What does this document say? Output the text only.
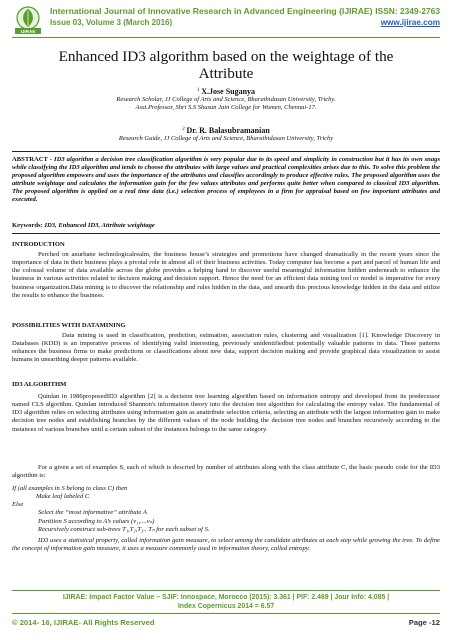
IJIRAE
International Journal of Innovative Research in Advanced Engineering (IJIRAE)
Issue 03, Volume 3 (March 2016)
ISSN: 2349-2763
www.ijirae.com
Enhanced ID3 algorithm based on the weightage of the
Attribute
$^1$ X.Jose Suganya
Research Scholar, JJ College of Arts and Science, Bharathidasan University, Trichy.
Asst.Professor, Shri S.S Shasun Jain College for Women, Chennai-17.
$^2$ Dr. R. Balasubramanian
Research Guide, JJ College of Arts and Science, Bharathidasan University, Trichy
ABSTRACT - ID3 algorithm a decision tree classification algorithm is very popular due to its speed and simplicity in construction but it has its own snags while classifying the ID3 algorithm and tends to choose the attributes with large values and practical complexities arises due to this. To solve this problem the proposed algorithm empowers and uses the importance of the attributes and classifies accordingly to produce effective rules. The proposed algorithm uses the attribute weightage and calculates the information gain for the few values attributes and performs quite better when compared to classical ID3 algorithm. The proposed algorithm is applied on a real time data (i.e.) selection process of employees in a firm for appraisal based on few important attributes and executed.
Keywords: ID3, Enhanced ID3, Attribute weightage
INTRODUCTION
Perched on anurbane technologicalrealm, the business house’s strategies and promotions have changed dramatically in the recent years since the importance of data in their business plays a pivotal role in almost all of their business activities. Today computer has become a part and parcel of human life and the colossal volume of data available across the globe provides a helping hand to discover useful meaningful information hidden underneath to enhance the business in various activities related to decision making and decision support. Hence the need for an efficient data mining tool or model is imperative for every business organization.Data mining is to discover the relationship and rules hidden in the data, and unearth this precious knowledge hidden in the data and utilize the results to enhance the business.
POSSIBILITIES WITH DATAMINING
Data mining is used in classification, prediction, estimation, association rules, clustering and visualization [1]. Knowledge Discovery in Databases (KDD) is an imperative process of identifying valid interesting, previously unidentifiedbut potentially valuable patterns in data. These patterns enhances the business firms to make predictions or classifications about new data, support decision making and provide graphical data visualization to assist humans in unearthing deeper patterns available.
ID3 ALGORITHM
Quinlan in 1986proposedID3 algorithm [2] is a decision tree learning algorithm based on information entropy and developed from its predecessor named CLS algorithm. Quinlan introduced Shannon's information theory into the decision tree algorithm for calculating the entropy value. The fundamental of ID3 algorithm relies on selecting attributes using information gain as anattribute selection criteria, selecting an attribute with the largest information gain to make decision tree nodes and establishing branches by the different values of the node building the decision tree nodes and branches recursively according to the instances of various branches until a certain subset of the instances belongs to the same category.
For a given a set of examples S, each of which is descried by number of attributes along with the class attribute C, the basic pseudo code for the ID3 algorithm is:
If (all examples in S belong to class C) then
Make leaf labeled C
Else
Select the “most informative” attribute A
Partition S according to A’s values (v₁,....vₙ)
Recursively construct sub-trees T₁,T₂,T₃.. Tₙ for each subset of S.
ID3 uses a statistical property, called information gain measure, to select among the candidate attributes at each step while growing the tree. To define the concept of information gain measure, it uses a measure commonly used in information theory, called entropy.
IJIRAE: Impact Factor Value – SJIF: Innospace, Morocco (2015): 3.361 | PIF: 2.469 | Jour Info: 4.085 |
Index Copernicus 2014 = 6.57
© 2014- 16, IJIRAE- All Rights Reserved	Page -12
